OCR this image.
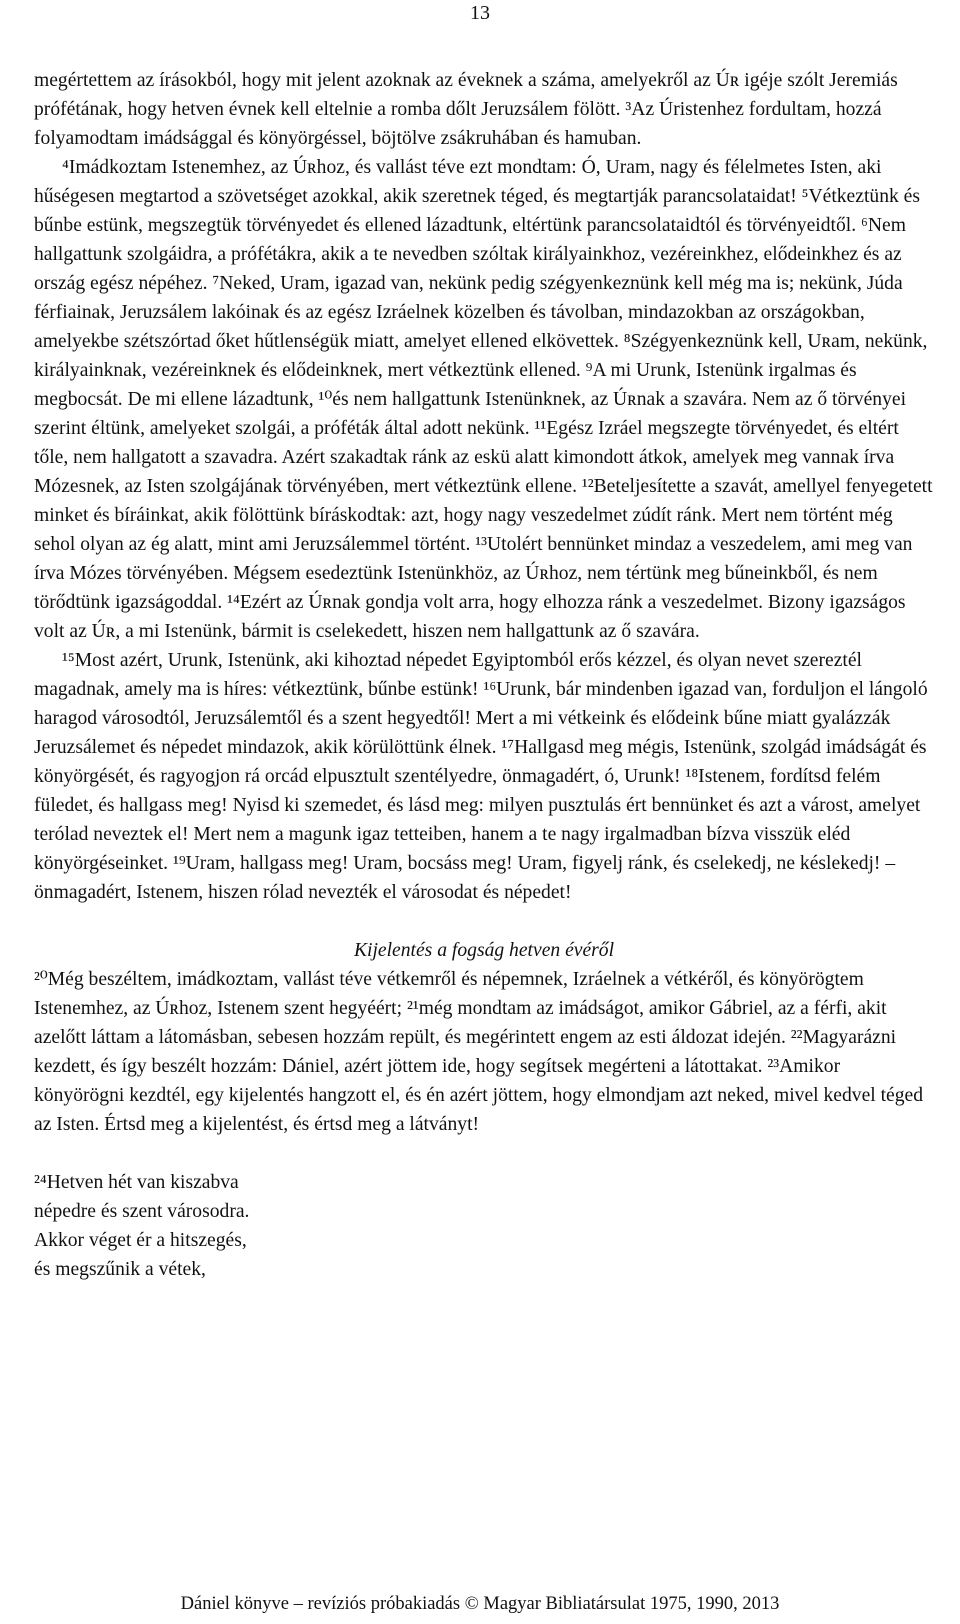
13

megértettem az írásokból, hogy mit jelent azoknak az éveknek a száma, amelyekről az Úʀ igéje szólt Jeremiás prófétának, hogy hetven évnek kell eltelnie a romba dőlt Jeruzsálem fölött. ³Az Úristenhez fordultam, hozzá folyamodtam imádsággal és könyörgéssel, böjtölve zsákruhában és hamuban.

⁴Imádkoztam Istenemhez, az Úʀhoz, és vallást téve ezt mondtam: Ó, Uram, nagy és félelmetes Isten, aki hűségesen megtartod a szövetséget azokkal, akik szeretnek téged, és megtartják parancsolataidat! ⁵Vétkeztünk és bűnbe estünk, megszegtük törvényedet és ellened lázadtunk, eltértünk parancsolataidtól és törvényeidtől. ⁶Nem hallgattunk szolgáidra, a prófétákra, akik a te nevedben szóltak királyainkhoz, vezéreinkhez, elődeinkhez és az ország egész népéhez. ⁷Neked, Uram, igazad van, nekünk pedig szégyenkeznünk kell még ma is; nekünk, Júda férfiainak, Jeruzsálem lakóinak és az egész Izráelnek közelben és távolban, mindazokban az országokban, amelyekbe szétszórtad őket hűtlenségük miatt, amelyet ellened elkövettek. ⁸Szégyenkeznünk kell, Uʀam, nekünk, királyainknak, vezéreinknek és elődeinknek, mert vétkeztünk ellened. ⁹A mi Urunk, Istenünk irgalmas és megbocsát. De mi ellene lázadtunk, ¹⁰és nem hallgattunk Istenünknek, az Úʀnak a szavára. Nem az ő törvényei szerint éltünk, amelyeket szolgái, a próféták által adott nekünk. ¹¹Egész Izráel megszegte törvényedet, és eltért tőle, nem hallgatott a szavadra. Azért szakadtak ránk az eskü alatt kimondott átkok, amelyek meg vannak írva Mózesnek, az Isten szolgájának törvényében, mert vétkeztünk ellene. ¹²Beteljesítette a szavát, amellyel fenyegetett minket és bíráinkat, akik fölöttünk bíráskodtak: azt, hogy nagy veszedelmet zúdít ránk. Mert nem történt még sehol olyan az ég alatt, mint ami Jeruzsálemmel történt. ¹³Utolért bennünket mindaz a veszedelem, ami meg van írva Mózes törvényében. Mégsem esedeztünk Istenünkhöz, az Úʀhoz, nem tértünk meg bűneinkből, és nem törődtünk igazságoddal. ¹⁴Ezért az Úʀnak gondja volt arra, hogy elhozza ránk a veszedelmet. Bizony igazságos volt az Úʀ, a mi Istenünk, bármit is cselekedett, hiszen nem hallgattunk az ő szavára.

¹⁵Most azért, Urunk, Istenünk, aki kihoztad népedet Egyiptomból erős kézzel, és olyan nevet szereztél magadnak, amely ma is híres: vétkeztünk, bűnbe estünk! ¹⁶Urunk, bár mindenben igazad van, forduljon el lángoló haragod városodtól, Jeruzsálemtől és a szent hegyedtől! Mert a mi vétkeink és elődeink bűne miatt gyalázzák Jeruzsálemet és népedet mindazok, akik körülöttünk élnek. ¹⁷Hallgasd meg mégis, Istenünk, szolgád imádságát és könyörgését, és ragyogjon rá orcád elpusztult szentélyedre, önmagadért, ó, Urunk! ¹⁸Istenem, fordítsd felém füledet, és hallgass meg! Nyisd ki szemedet, és lásd meg: milyen pusztulás ért bennünket és azt a várost, amelyet terólad neveztek el! Mert nem a magunk igaz tetteiben, hanem a te nagy irgalmadban bízva visszük eléd könyörgéseinket. ¹⁹Uram, hallgass meg! Uram, bocsáss meg! Uram, figyelj ránk, és cselekedj, ne késlekedj! – önmagadért, Istenem, hiszen rólad nevezték el városodat és népedet!

Kijelentés a fogság hetven évéről

²⁰Még beszéltem, imádkoztam, vallást téve vétkemről és népemnek, Izráelnek a vétkéről, és könyörögtem Istenemhez, az Úʀhoz, Istenem szent hegyéért; ²¹még mondtam az imádságot, amikor Gábriel, az a férfi, akit azelőtt láttam a látomásban, sebesen hozzám repült, és megérintett engem az esti áldozat idején. ²²Magyarázni kezdett, és így beszélt hozzám: Dániel, azért jöttem ide, hogy segítsek megérteni a látottakat. ²³Amikor könyörögni kezdtél, egy kijelentés hangzott el, és én azért jöttem, hogy elmondjam azt neked, mivel kedvel téged az Isten. Értsd meg a kijelentést, és értsd meg a látványt!

²⁴Hetven hét van kiszabva
népedre és szent városodra.
Akkor véget ér a hitszegés,
és megszűnik a vétek,
Dániel könyve – revíziós próbakiadás © Magyar Bibliatársulat 1975, 1990, 2013
